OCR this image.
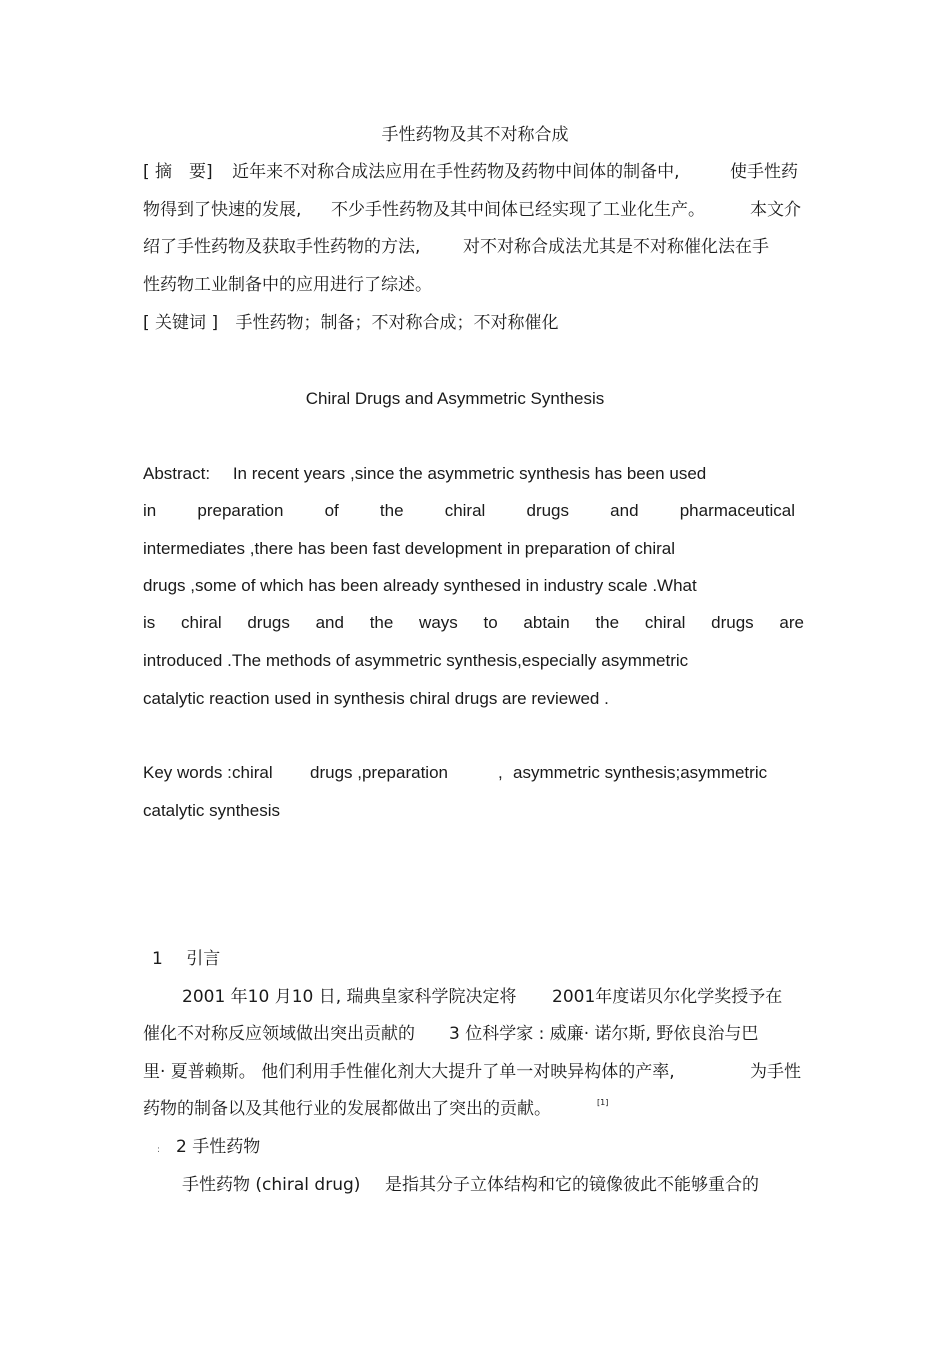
手性药物及其不对称合成
[ 摘　要] 近年来不对称合成法应用在手性药物及药物中间体的制备中,	使手性药
物得到了快速的发展, 不少手性药物及其中间体已经实现了工业化生产。	本文介
绍了手性药物及获取手性药物的方法,	对不对称合成法尤其是不对称催化法在手
性药物工业制备中的应用进行了综述。
[ 关键词 ] 手性药物；制备；不对称合成；不对称催化
Chiral Drugs and Asymmetric Synthesis
Abstract: In recent years ,since the asymmetric synthesis has been used
in preparation of the chiral drugs and pharmaceutical
intermediates ,there has been fast development in preparation of chiral
drugs ,some of which has been already synthesed in industry scale .What
is chiral drugs and the ways to abtain the chiral drugs are
introduced .The methods of asymmetric synthesis,especially asymmetric
catalytic reaction used in synthesis chiral drugs are reviewed .
Key words : chiral drugs ,preparation	, asymmetric synthesis;asymmetric
catalytic synthesis
1 引言
2001 年10 月10 日, 瑞典皇家科学院决定将 2001年度诺贝尔化学奖授予在
催化不对称反应领域做出突出贡献的 3 位科学家 : 威廉· 诺尔斯, 野依良治与巴
里· 夏普赖斯。 他们利用手性催化剂大大提升了单一对映异构体的产率,	为手性
药物的制备以及其他行业的发展都做出了突出的贡献。	[1]
: 2 手性药物
手性药物 (chiral drug) 是指其分子立体结构和它的镜像彼此不能够重合的
